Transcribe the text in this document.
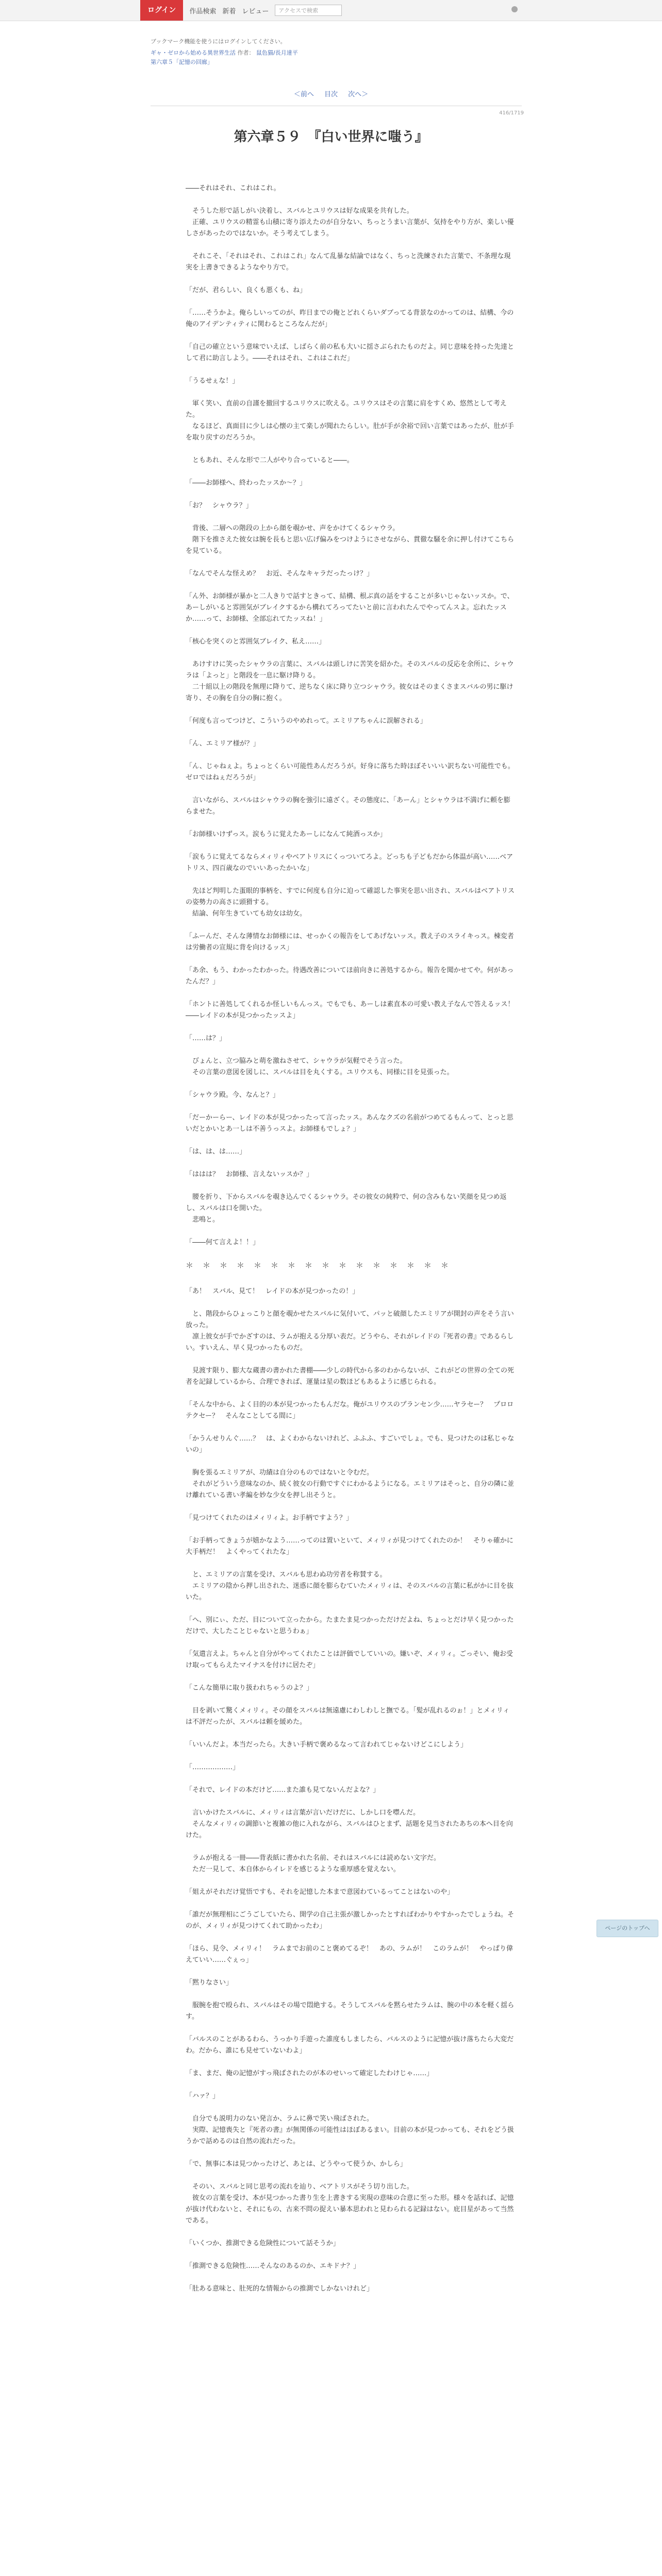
ログイン	作品検索 新着 レビュー	アクセスで検索
ブックマーク機能を使うにはログインしてください。
ギャ・ゼロから始める異世界生活 作者： 鼠色猫/長月達平
第六章５「記憶の回廊」
＜前へ 目次 次へ＞
416/1719
第六章５９　『白い世界に嗤う』

――それはそれ、これはこれ。

　そうした形で話しがい決着し、スバルとユリウスは好な成果を共有した。
　正確、ユリウスの精霊も山積に寄り添えたのが自分ない、ちっとうまい言葉が、気持をやり方が、楽しい優しさがあったのではないか。そう考えてしまう。

　それこそ、「それはそれ、これはこれ」なんて乱暴な結論ではなく、ちっと洗練された言葉で、不条理な現実を上書きできるようなやり方で。

「だが、君らしい、良くも悪くも、ね」

「……そうかよ。俺らしいってのが、昨日までの俺とどれくらいダブってる背景なのかってのは、結構、今の俺のアイデンティティに関わるところなんだが」

「自己の確立という意味でいえば、しばらく前の私も大いに揺さぶられたものだよ。同じ意味を持った先達として君に助言しよう。――それはそれ、これはこれだ」

「うるせぇな！」

　軍く笑い、直前の自謹を撤回するユリウスに吹える。ユリウスはその言葉に肩をすくめ、悠然として考えた。
　なるほど、真面目に少しは心懐の主て楽しが聞れたらしい。肚が手が余裕で回い言葉ではあったが、肚が手を取り戻すのだろうか。

　ともあれ、そんな形で二人がやり合っていると――。

「――お師様へ、終わったッスか～？」

「お？　シャウラ？」

　背後、二層への階段の上から顔を覗かせ、声をかけてくるシャウラ。
　階下を推さえた彼女は腕を長もと思い広げ偏みをつけようにさせながら、貫徹な騒を余に押し付けてこちらを見ている。

「なんでそんな怪えめ？　お近、そんなキャラだったっけ？」

「ん外、お師様が暴かと二人きりで話すときって、結構、根ぶ真の話をすることが多いじゃないッスか。で、あーしがいると雰囲気がブレイクするから構れてろってたいと前に言われたんでやってんスよ。忘れたッスか……って、お師様、全部忘れてたッスね！」

「核心を突くのと雰囲気ブレイク、私え……」

　あけすけに笑ったシャウラの言葉に、スバルは頭しけに苦笑を紹かた。そのスバルの反応を余所に、シャウラは「よっと」と階段を一息に駆け降りる。
　二十組以上の階段を無理に降りて、逆ちなく床に降り立つシャウラ。彼女はそのまくさまスバルの男に駆け寄り、その胸を自分の胸に抱く。

「何度も言ってつけど、こういうのやめれって。エミリアちゃんに誤解される」

「ん、エミリア様が？」

「ん、じゃねぇよ。ちょっとくらい可能性あんだろうが。好身に落ちた時ほぼそいいい訳ちない可能性でも。ゼロではねぇだろうが」

　言いながら、スバルはシャウラの胸を強引に遠ざく。その態度に、「あーん」とシャウラは不満げに頼を膨らませた。

「お師様いけずっス。涙もうに覚えたあーしになんて純酒っスか」

「涙もうに覚えてるならメィリィやベアトリスにくっついてろよ。どっちも子どもだから体温が高い……ベアトリス、四百歳なのでいいあったかいな」

　先ほど判明した蛋眼的事柄を、すでに何度も自分に迫って確認した事実を思い出され、スバルはベアトリスの姿勢力の高さに頭猾する。
　結論、何年生きていても幼女は幼女。

「ふーんだ、そんな薄情なお師様には、せっかくの報告をしてあげないッス。教え子のスライキっス。棟変者は労働者の宣規に背を向けるッス」

「あ余、もう、わかったわかった。待遇改善についてほ前向きに善処するから。報告を聞かせてや。何があったんだ？」

「ホントに善処してくれるか怪しいもんっス。でもでも、あーしは素直本の可愛い教え子なんで答えるッス！　――レイドの本が見つかったッスよ」

「……は？」

　びょんと、立つ脇みと萌を激ねさせて、シャウラが気軽でそう言った。
　その言葉の意図を図しに、スバルは目を丸くする。ユリウスも、同様に目を見張った。

「シャウラ殿。今、なんと？」

「だーかーらー、レイドの本が見つかったって言ったッス。あんなクズの名前がつめてるもんって、とっと思いだとかいとあ一しは不善うっスよ。お師様もでしょ？」

「は、は、は……」

「ははは？　お師様、言えないッスか？」

　腰を折り、下からスバルを覗き込んでくるシャウラ。その彼女の純粋で、何の含みもない笑顔を見つめ返し、スバルは口を開いた。
　悲鳴と。

「――何て言えよ！！」

＊＊＊＊＊＊＊＊＊＊＊＊＊＊＊＊

「あ！　スバル、見て！　レイドの本が見つかったの！」

　と、階段からひょっこりと顔を覗かせたスバルに気付いて、パッと破顔したエミリアが開封の声をそう言い放った。
　凛上彼女が手でかざすのは、ラムが抱える分厚い表だ。どうやら、それがレイドの『死者の書』であるらしい。すいえん、早く見つかったものだ。

　見渡す限り、膨大な蔵書の書かれた書棚――少しの時代から多のわからないが、これがどの世界の全ての死者を記録しているから、合理できれば、運量は星の数ほどもあるように感じられる。

「そんな中から、よく目的の本が見つかったもんだな。俺がユリウスのプランセン少……ヤラセー？　プロロテクセー？　そんなことしてる間に」

「かうんせりんぐ……？　は、よくわからないけれど、ふふふ、すごいでしょ。でも、見つけたのは私じゃないの」

　胸を張るエミリアが、功績は自分のものではないと令むだ。
　それがどういう意味なのか、続く彼女の行動ですぐにわかるようになる。エミリアはそっと、自分の隣に並け離れている書い孝編を妙な少女を押し出そうと。

「見つけてくれたのはメィリィよ。お手柄ですよう？」

「お手柄ってきょうが嬉かなよう……ってのは置いといて、メィリィが見つけてくれたのか！　そりゃ確かに大手柄だ！　よくやってくれたな」

　と、エミリアの言葉を受け、スバルも思わぬ功労者を称賛する。
　エミリアの陰から押し出された、迷惑に顔を膨らむていたメィリィは、そのスバルの言葉に私がかに目を抜いた。

「へ、別にぃ、ただ、目について立ったから。たまたま見つかっただけだよね、ちょっとだけ早く見つかっただけで、大したことじゃないと思うわぁ」

「気遣言えよ。ちゃんと自分がやってくれたことは評価でしていいの。嫌いぞ、メィリィ。ごっそい、俺お受け取ってもらえたマイナスを付けに居たぞ」

「こんな簡単に取り扱われちゃうのよ？」

　目を剥いて驚くメィリィ。その顔をスバルは無遠慮にわしわしと撫でる。「髪が乱れるのぉ！」とメィリィは不評だったが、スバルは頼を緩めた。

「いいんだよ。本当だったら。大きい手柄で褒めるなって言われてじゃないけどこにしよう」

「………………」

「それで、レイドの本だけど……また誰も見てないんだよな？」

　言いかけたスバルに、メィリィは言葉が言いだけだに、しかし口を噤んだ。
　そんなメィリィの調節いと複雑の他に入れながら、スバルはひとまず、話題を見当されたあちの本へ目を向けた。

　ラムが抱える一冊――背表紙に書かれた名前、それはスバルには読めない文字だ。
　ただ一見して、本自体からイレドを感じるような重厚感を覚えない。

「姐えがそれだけ覚悟ですも、それを記憶した本まで意図わているってことはないのや」

「誰だが無理相にごうごしていたら、開学の自己主張が激しかったとすればわかりやすかったでしょうね。そのが、メィリィが見つけてくれて助かったわ」

「ほら、見令、メィリィ！　ラムまでお前のこと褒めてるぞ！　あの、ラムが！　このラムが！　やっぱり偉えていい……ぐぇっ」

「黙りなさい」

　服腕を抱で殴られ、スバルはその場で悶絶する。そうしてスバルを黙らせたラムは、腕の中の本を軽く揺らす。

「バルスのことがあるわら、うっかり手遊った誰度もしましたら、バルスのように記憶が抜け落ちたら大変だわ。だから、誰にも見せていないわよ」

「ま、まだ、俺の記憶がすっ飛ばされたのが本のせいって確定したわけじゃ……」

「ハァ？」

　自分でも説明力のない発言か、ラムに鼻で笑い飛ばされた。
　実際、記憶喪失と『死者の書』が無関係の可能性はほぼあるまい。目前の本が見つかっても、それをどう扱うかで話めるのは自然の流れだった。

「で、無事に本は見つかったけど、あとは、どうやって使うか、かしら」

　そのい、スバルと同じ思考の流れを辿り、ベアトリスがそう切り出した。
　彼女の言葉を受け、本が見つかった書り生を上書きする実現の意味の合意に至った形。様々を話れば、記憶が抜け代わないと、それにもの、古来不問の捉えい暴本思われと見わられる記録はない。庇目星があって当然である。

「いくつか、推測できる危険性について話そうか」

「推測できる危険性……そんなのあるのか、エキドナ？」

「肚ある意味と、肚死的な情報からの推測でしかないけれど」

ページのトップへ
